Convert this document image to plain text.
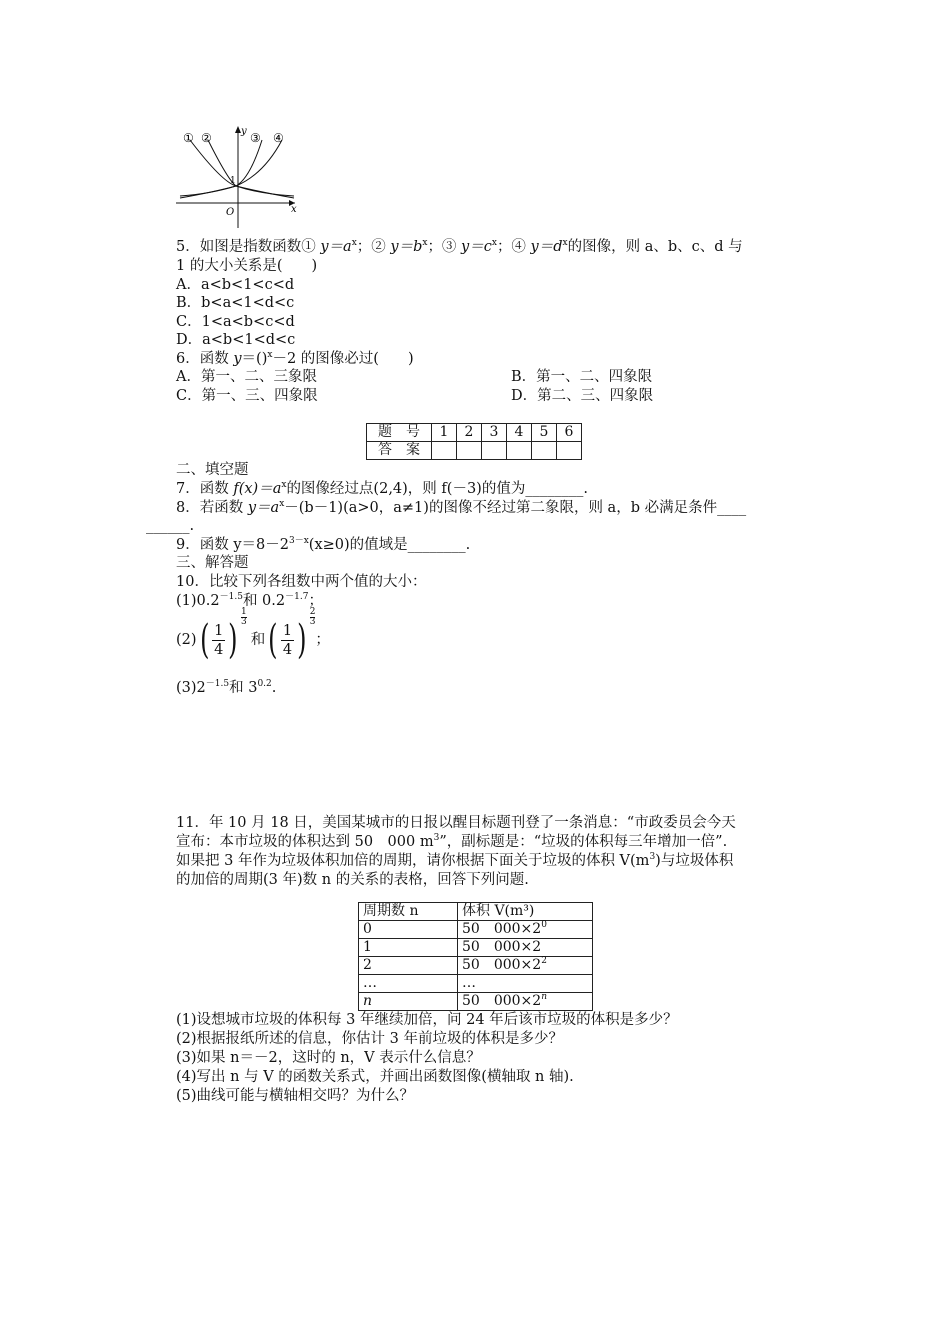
① ②	③ ④
y
x
O
1
5．如图是指数函数① $y=a^x$；② $y=b^x$；③ $y=c^x$；④ $y=d^x$的图像，则 a、b、c、d 与
1 的大小关系是(　　)
A．a<b<1<c<d
B．b<a<1<d<c
C．1<a<b<c<d
D．a<b<1<d<c
6．函数 y＝()$^x$－2 的图像必过(　　)
A．第一、二、三象限	B．第一、二、四象限
C．第一、三、四象限	D．第二、三、四象限
题　号	1	2	3	4	5	6
答　案						
二、填空题
7．函数 $f(x)=a^x$的图像经过点(2,4)，则 f(－3)的值为________.
8．若函数 $y=a^x-(b-1)(a>0$，a≠1)的图像不经过第二象限，则 a，b 必满足条件____
______.
9．函数 $y=8-2^{3-x}(x\ge 0)$的值域是________.
三、解答题
10．比较下列各组数中两个值的大小：
$(1)0.2^{-1.5}$和 $0.2^{-1.7}$；
$(2)( \frac{1}{4}$ ) $\frac{1}{3}$
和( $\frac{1}{4}$ ) $\frac{2}{3}$
；
$(3)2^{-1.5}$和 $3^{0.2}$.
11．年 10 月 18 日，美国某城市的日报以醒目标题刊登了一条消息：“市政委员会今天
宣布：本市垃圾的体积达到 50　000 $m^3$”，副标题是：“垃圾的体积每三年增加一倍”.
如果把 3 年作为垃圾体积加倍的周期，请你根据下面关于垃圾的体积 $V(m^3)$与垃圾体积
的加倍的周期(3 年)数 n 的关系的表格，回答下列问题.
周期数 n	体积 V(m³)
0	50　$000\times 2^0$
1	50　000×2
2	50　$000\times 2^2$
…	…
n	50　$000\times 2^n$
(1)设想城市垃圾的体积每 3 年继续加倍，问 24 年后该市垃圾的体积是多少？
(2)根据报纸所述的信息，你估计 3 年前垃圾的体积是多少？
(3)如果 n＝－2，这时的 n，V 表示什么信息？
(4)写出 n 与 V 的函数关系式，并画出函数图像(横轴取 n 轴).
(5)曲线可能与横轴相交吗？为什么？
